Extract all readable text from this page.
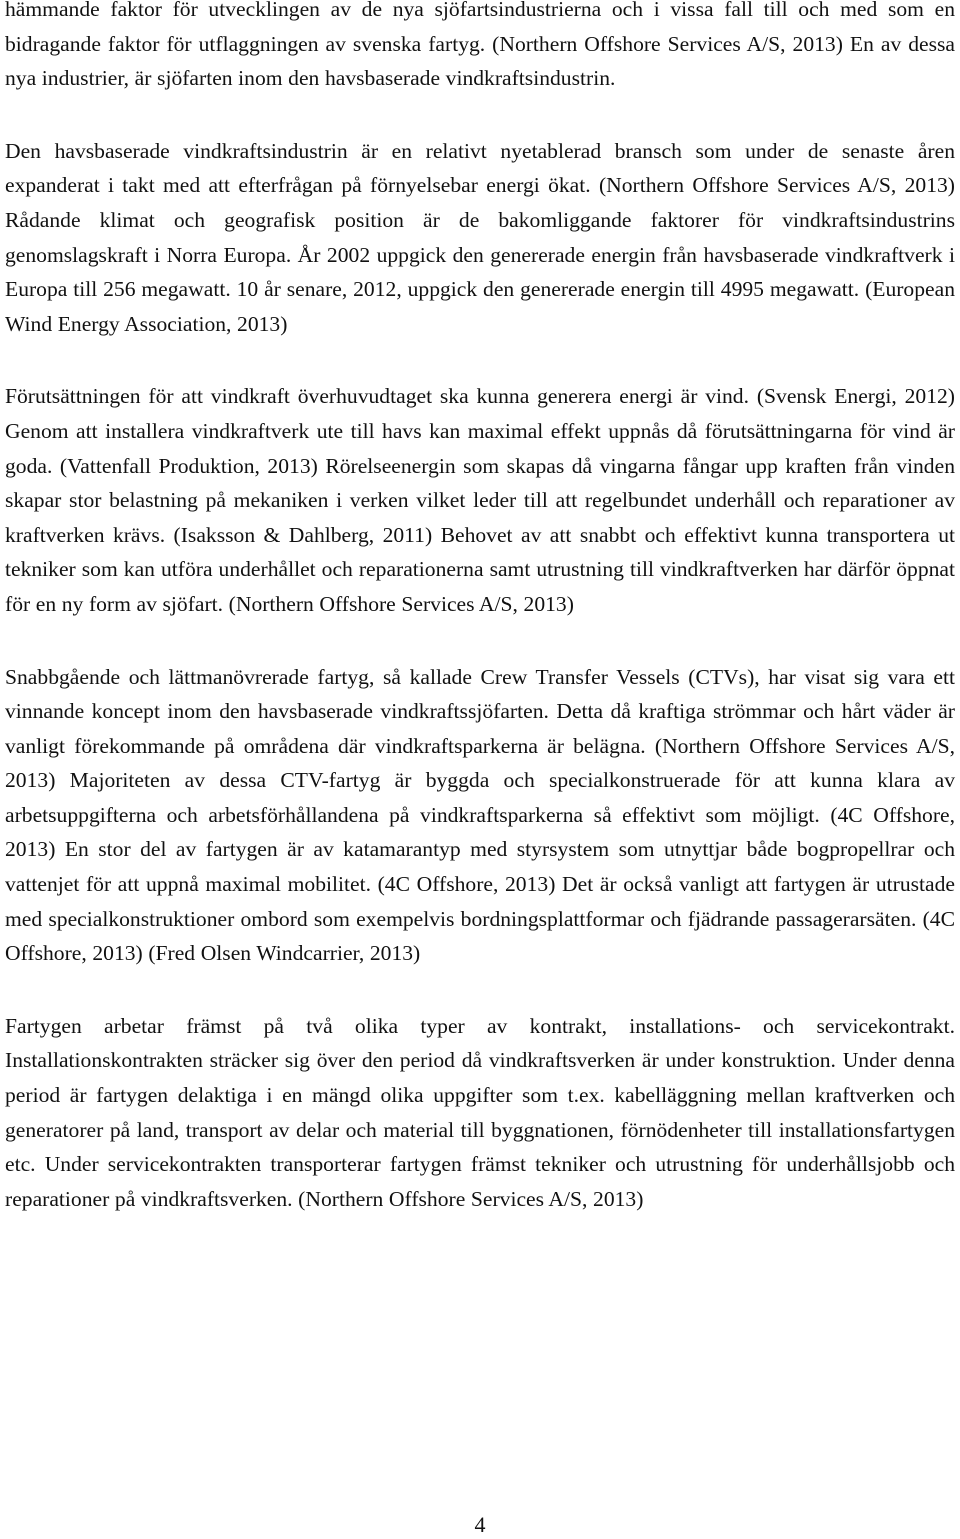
hämmande faktor för utvecklingen av de nya sjöfartsindustrierna och i vissa fall till och med som en bidragande faktor för utflaggningen av svenska fartyg. (Northern Offshore Services A/S, 2013) En av dessa nya industrier, är sjöfarten inom den havsbaserade vindkraftsindustrin.

Den havsbaserade vindkraftsindustrin är en relativt nyetablerad bransch som under de senaste åren expanderat i takt med att efterfrågan på förnyelsebar energi ökat. (Northern Offshore Services A/S, 2013) Rådande klimat och geografisk position är de bakomliggande faktorer för vindkraftsindustrins genomslagskraft i Norra Europa. År 2002 uppgick den genererade energin från havsbaserade vindkraftverk i Europa till 256 megawatt. 10 år senare, 2012, uppgick den genererade energin till 4995 megawatt. (European Wind Energy Association, 2013)

Förutsättningen för att vindkraft överhuvudtaget ska kunna generera energi är vind. (Svensk Energi, 2012) Genom att installera vindkraftverk ute till havs kan maximal effekt uppnås då förutsättningarna för vind är goda. (Vattenfall Produktion, 2013) Rörelseenergin som skapas då vingarna fångar upp kraften från vinden skapar stor belastning på mekaniken i verken vilket leder till att regelbundet underhåll och reparationer av kraftverken krävs. (Isaksson & Dahlberg, 2011) Behovet av att snabbt och effektivt kunna transportera ut tekniker som kan utföra underhållet och reparationerna samt utrustning till vindkraftverken har därför öppnat för en ny form av sjöfart. (Northern Offshore Services A/S, 2013)

Snabbgående och lättmanövrerade fartyg, så kallade Crew Transfer Vessels (CTVs), har visat sig vara ett vinnande koncept inom den havsbaserade vindkraftssjöfarten. Detta då kraftiga strömmar och hårt väder är vanligt förekommande på områdena där vindkraftsparkerna är belägna. (Northern Offshore Services A/S, 2013) Majoriteten av dessa CTV-fartyg är byggda och specialkonstruerade för att kunna klara av arbetsuppgifterna och arbetsförhållandena på vindkraftsparkerna så effektivt som möjligt. (4C Offshore, 2013) En stor del av fartygen är av katamarantyp med styrsystem som utnyttjar både bogpropellrar och vattenjet för att uppnå maximal mobilitet. (4C Offshore, 2013) Det är också vanligt att fartygen är utrustade med specialkonstruktioner ombord som exempelvis bordningsplattformar och fjädrande passagerarsäten. (4C Offshore, 2013) (Fred Olsen Windcarrier, 2013)

Fartygen arbetar främst på två olika typer av kontrakt, installations- och servicekontrakt. Installationskontrakten sträcker sig över den period då vindkraftsverken är under konstruktion. Under denna period är fartygen delaktiga i en mängd olika uppgifter som t.ex. kabelläggning mellan kraftverken och generatorer på land, transport av delar och material till byggnationen, förnödenheter till installationsfartygen etc. Under servicekontrakten transporterar fartygen främst tekniker och utrustning för underhållsjobb och reparationer på vindkraftsverken. (Northern Offshore Services A/S, 2013)

4
